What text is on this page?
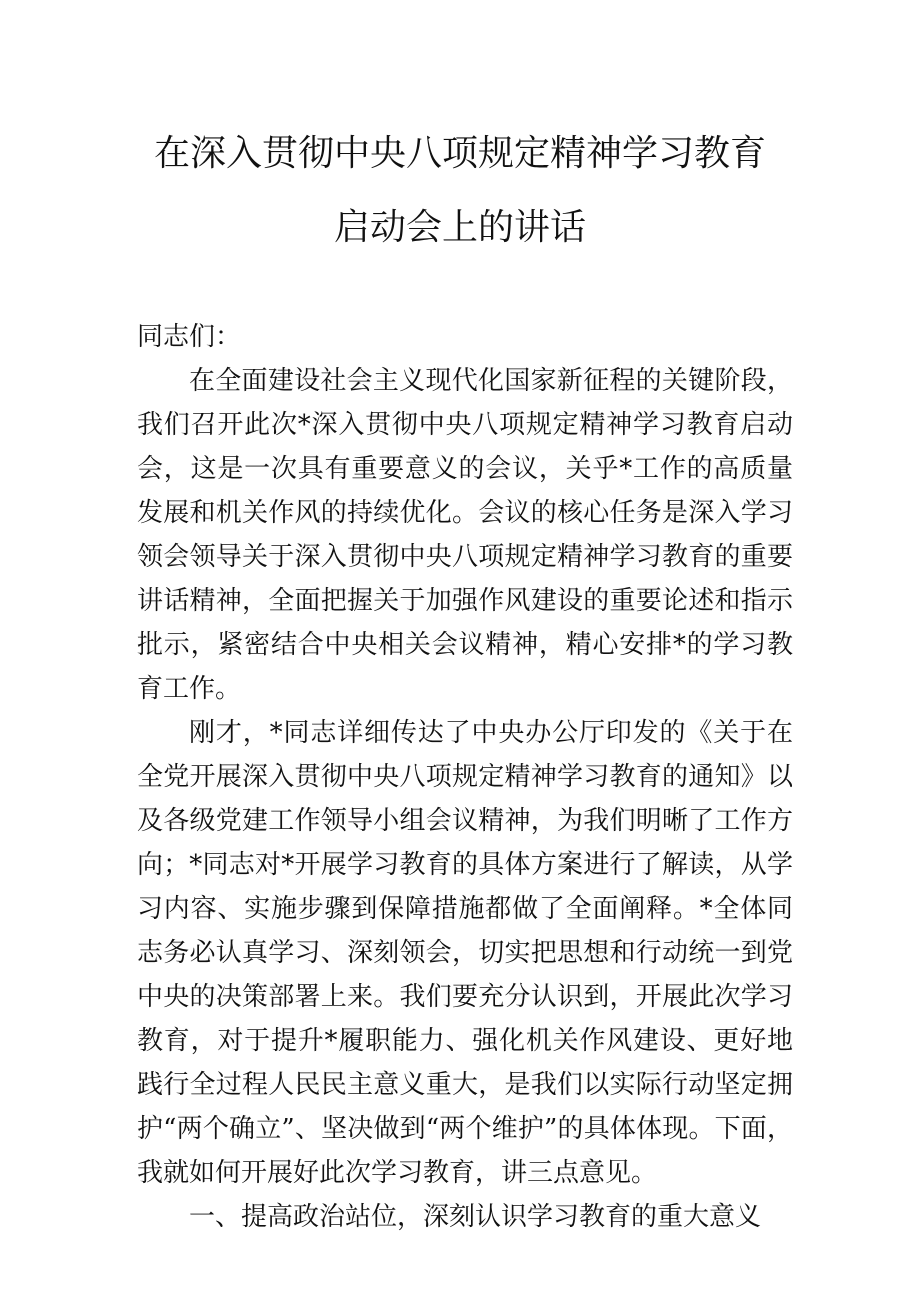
在深入贯彻中央八项规定精神学习教育
启动会上的讲话

同志们：

在全面建设社会主义现代化国家新征程的关键阶段，我们召开此次*深入贯彻中央八项规定精神学习教育启动会，这是一次具有重要意义的会议，关乎*工作的高质量发展和机关作风的持续优化。会议的核心任务是深入学习领会领导关于深入贯彻中央八项规定精神学习教育的重要讲话精神，全面把握关于加强作风建设的重要论述和指示批示，紧密结合中央相关会议精神，精心安排*的学习教育工作。

刚才，*同志详细传达了中央办公厅印发的《关于在全党开展深入贯彻中央八项规定精神学习教育的通知》以及各级党建工作领导小组会议精神，为我们明晰了工作方向；*同志对*开展学习教育的具体方案进行了解读，从学习内容、实施步骤到保障措施都做了全面阐释。*全体同志务必认真学习、深刻领会，切实把思想和行动统一到党中央的决策部署上来。我们要充分认识到，开展此次学习教育，对于提升*履职能力、强化机关作风建设、更好地践行全过程人民民主意义重大，是我们以实际行动坚定拥护“两个确立”、坚决做到“两个维护”的具体体现。下面，我就如何开展好此次学习教育，讲三点意见。

一、提高政治站位，深刻认识学习教育的重大意义
